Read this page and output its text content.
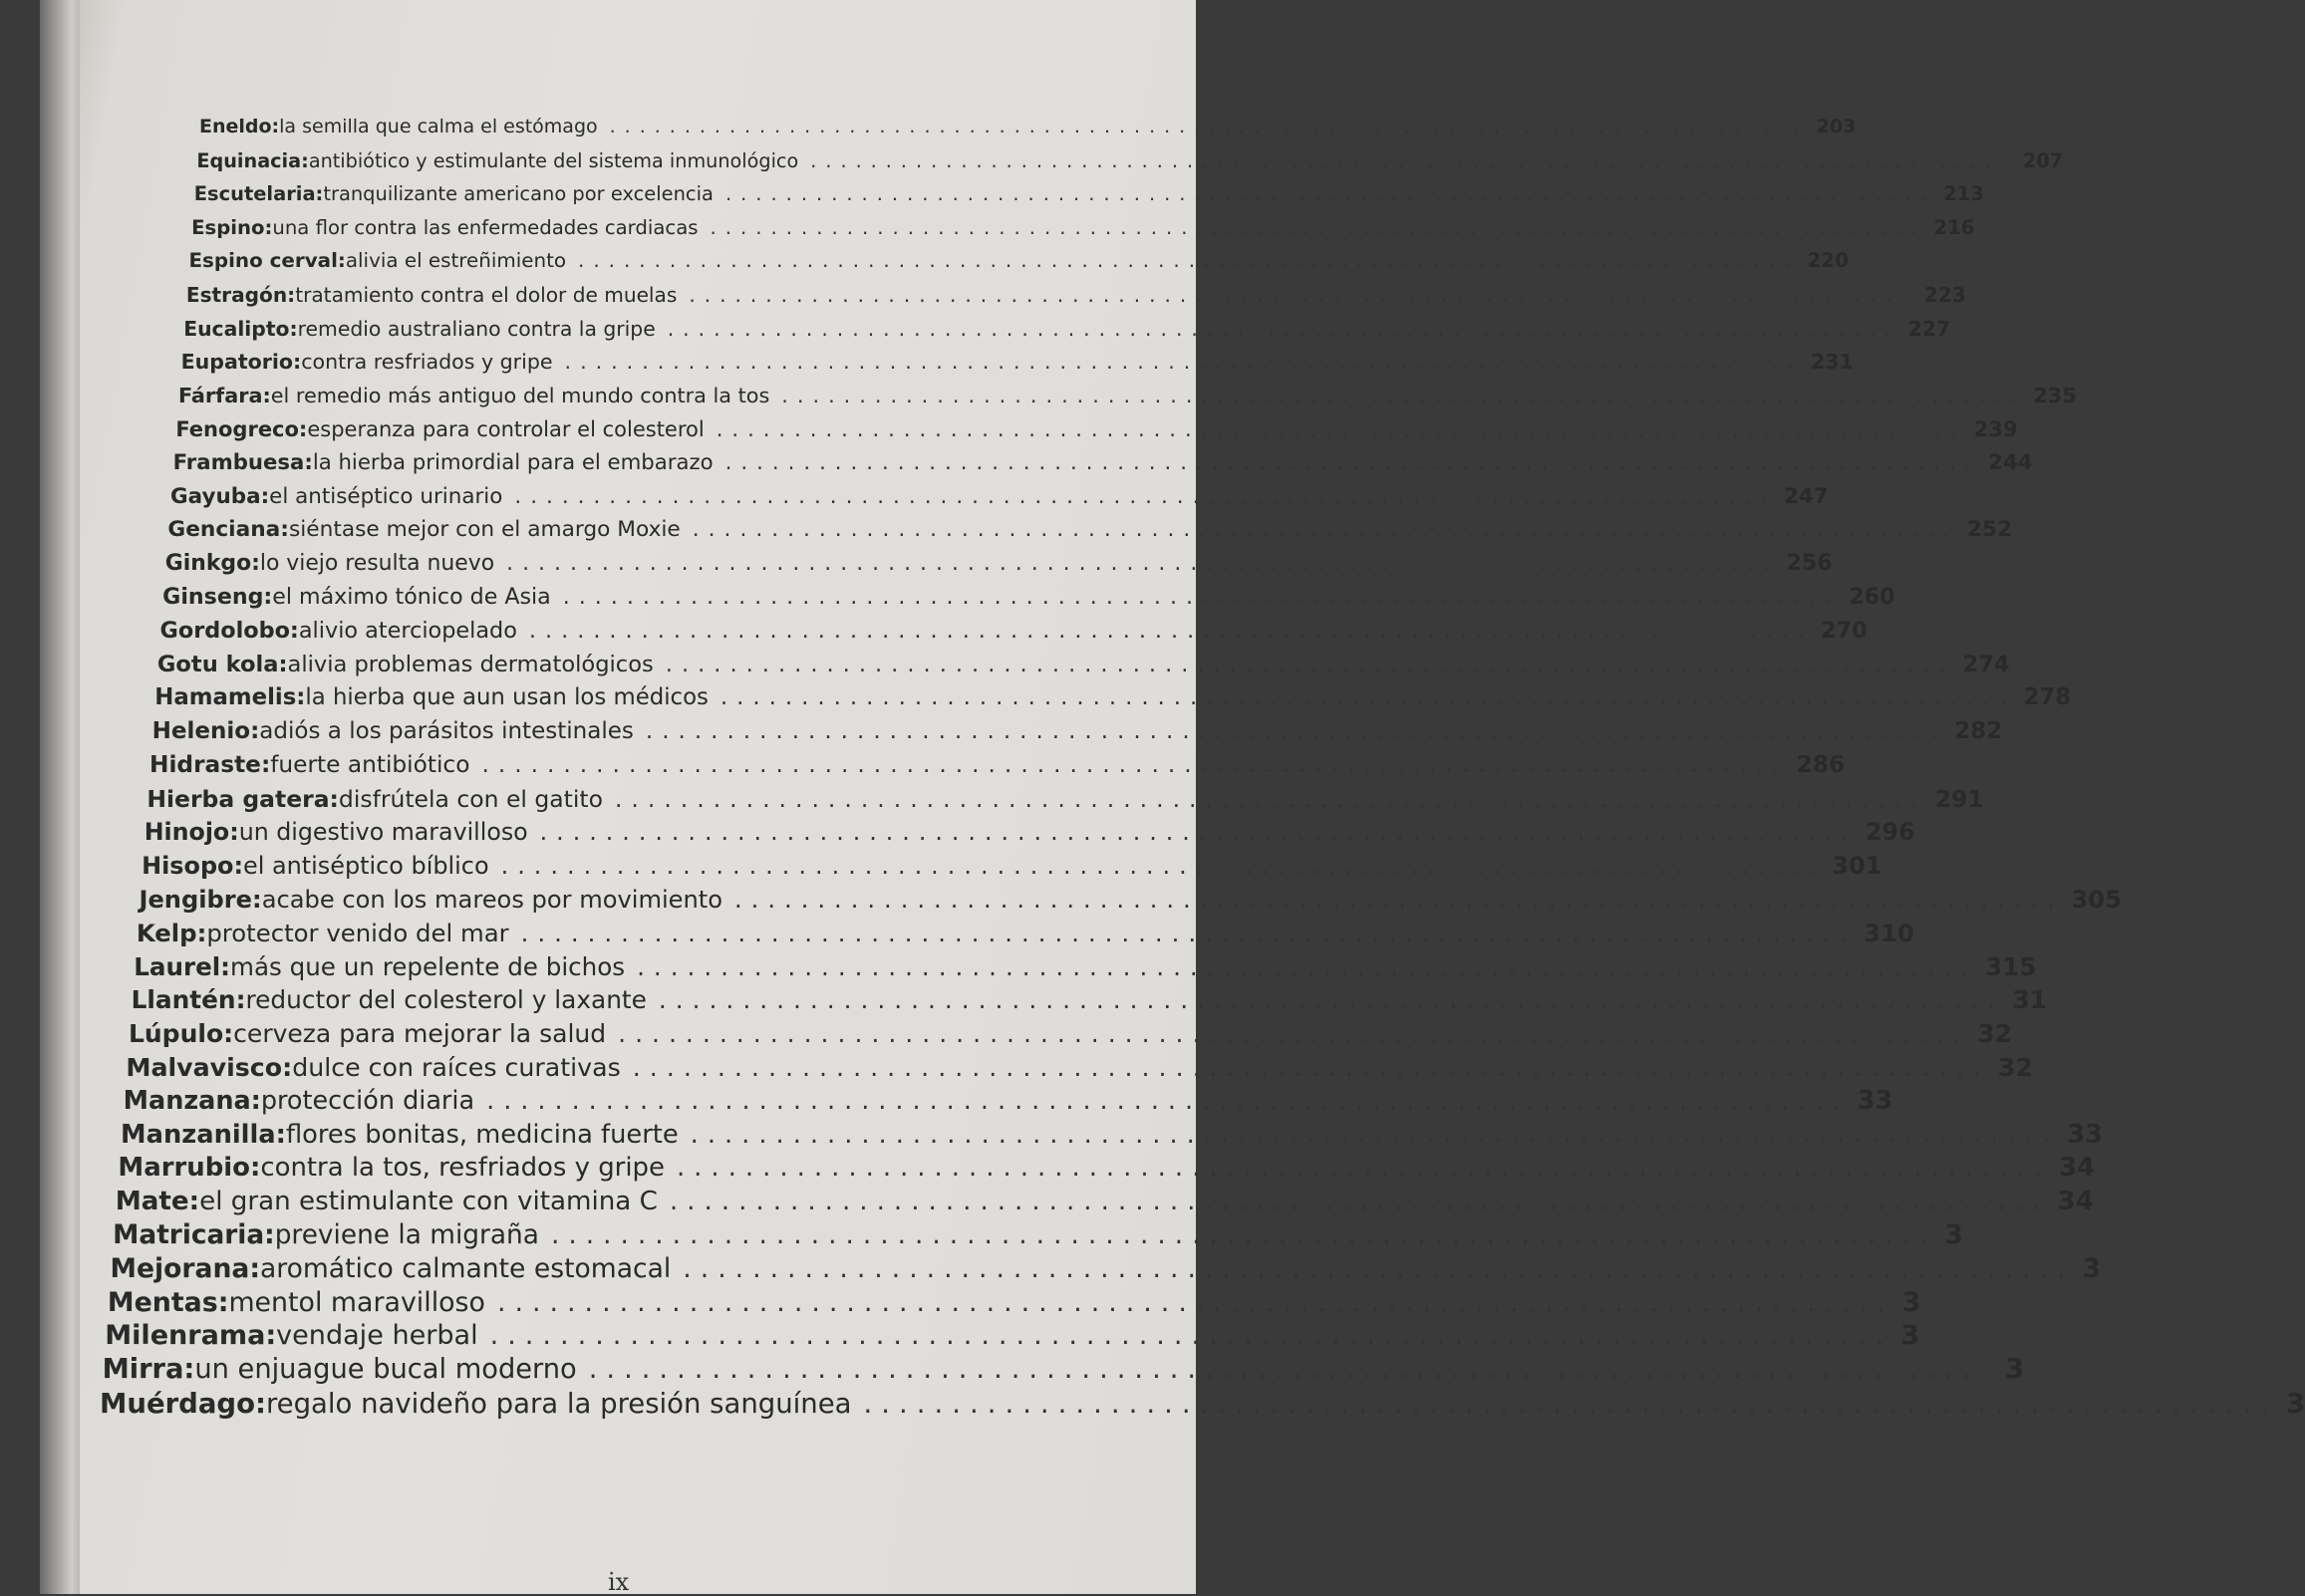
Eneldo: la semilla que calma el estómago ................................................................................ 203
Equinacia: antibiótico y estimulante del sistema inmunológico ................................................................................ 207
Escutelaria: tranquilizante americano por excelencia ................................................................................ 213
Espino: una flor contra las enfermedades cardiacas ................................................................................ 216
Espino cerval: alivia el estreñimiento ................................................................................ 220
Estragón: tratamiento contra el dolor de muelas ................................................................................ 223
Eucalipto: remedio australiano contra la gripe ................................................................................ 227
Eupatorio: contra resfriados y gripe ................................................................................ 231
Fárfara: el remedio más antiguo del mundo contra la tos ................................................................................ 235
Fenogreco: esperanza para controlar el colesterol ................................................................................ 239
Frambuesa: la hierba primordial para el embarazo ................................................................................ 244
Gayuba: el antiséptico urinario ................................................................................ 247
Genciana: siéntase mejor con el amargo Moxie ................................................................................ 252
Ginkgo: lo viejo resulta nuevo ................................................................................ 256
Ginseng: el máximo tónico de Asia ................................................................................ 260
Gordolobo: alivio aterciopelado ................................................................................ 270
Gotu kola: alivia problemas dermatológicos ................................................................................ 274
Hamamelis: la hierba que aun usan los médicos ................................................................................ 278
Helenio: adiós a los parásitos intestinales ................................................................................ 282
Hidraste: fuerte antibiótico ................................................................................ 286
Hierba gatera: disfrútela con el gatito ................................................................................ 291
Hinojo: un digestivo maravilloso ................................................................................ 296
Hisopo: el antiséptico bíblico ................................................................................ 301
Jengibre: acabe con los mareos por movimiento ................................................................................ 305
Kelp: protector venido del mar ................................................................................ 310
Laurel: más que un repelente de bichos ................................................................................ 315
Llantén: reductor del colesterol y laxante ................................................................................ 31
Lúpulo: cerveza para mejorar la salud ................................................................................ 32
Malvavisco: dulce con raíces curativas ................................................................................ 32
Manzana: protección diaria ................................................................................ 33
Manzanilla: flores bonitas, medicina fuerte ................................................................................ 33
Marrubio: contra la tos, resfriados y gripe ................................................................................ 34
Mate: el gran estimulante con vitamina C ................................................................................ 34
Matricaria: previene la migraña ................................................................................ 3
Mejorana: aromático calmante estomacal ................................................................................ 3
Mentas: mentol maravilloso ................................................................................ 3
Milenrama: vendaje herbal ................................................................................ 3
Mirra: un enjuague bucal moderno ................................................................................ 3
Muérdago: regalo navideño para la presión sanguínea ................................................................................ 3
ix
